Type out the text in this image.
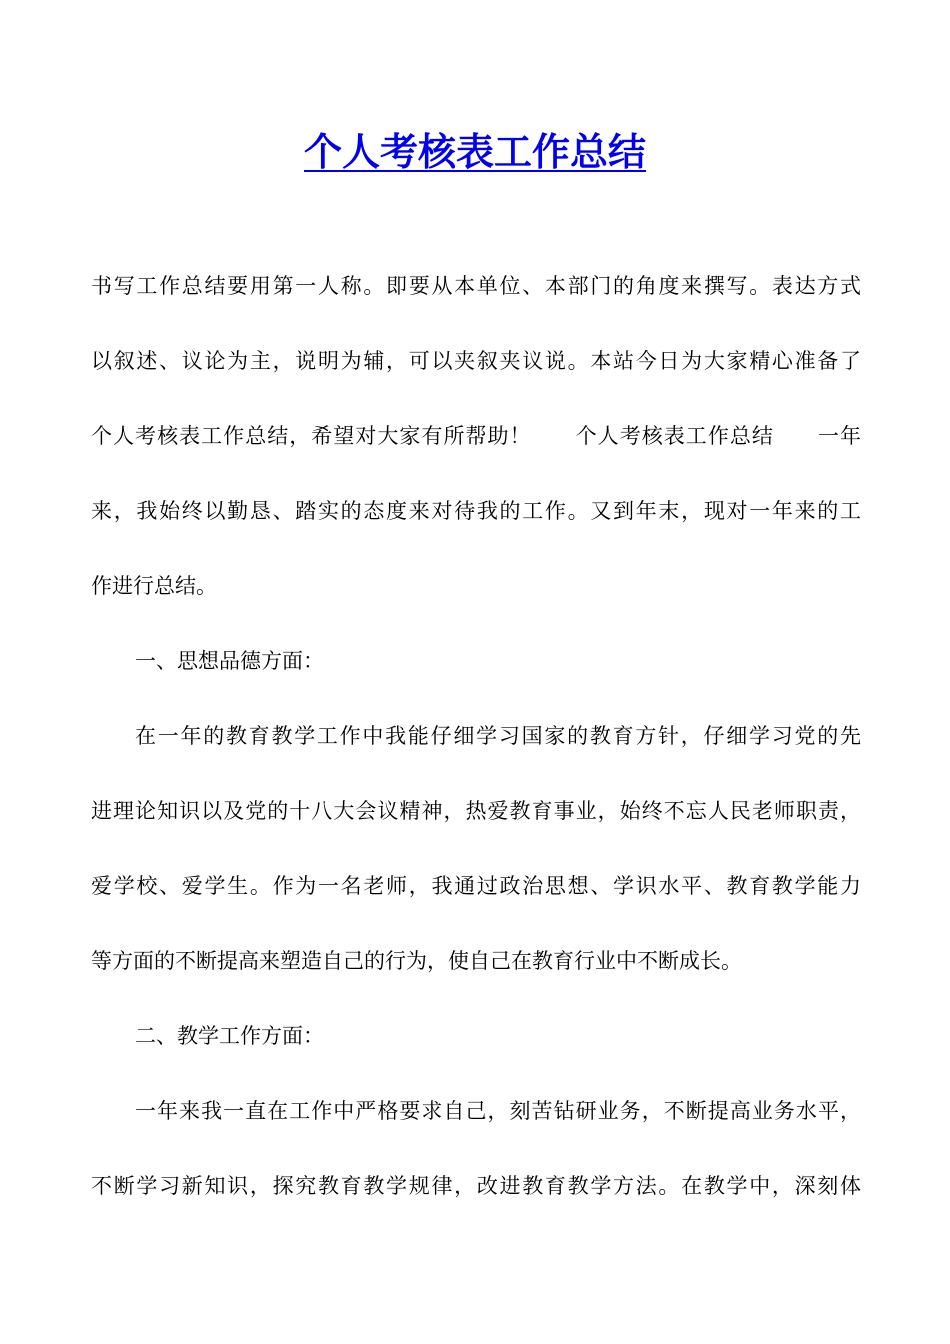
个人考核表工作总结
书写工作总结要用第一人称。即要从本单位、本部门的角度来撰写。表达方式
以叙述、议论为主，说明为辅，可以夹叙夹议说。本站今日为大家精心准备了
个人考核表工作总结，希望对大家有所帮助！　　个人考核表工作总结　　一年
来，我始终以勤恳、踏实的态度来对待我的工作。又到年末，现对一年来的工
作进行总结。
一、思想品德方面：
在一年的教育教学工作中我能仔细学习国家的教育方针，仔细学习党的先
进理论知识以及党的十八大会议精神，热爱教育事业，始终不忘人民老师职责，
爱学校、爱学生。作为一名老师，我通过政治思想、学识水平、教育教学能力
等方面的不断提高来塑造自己的行为，使自己在教育行业中不断成长。
二、教学工作方面：
一年来我一直在工作中严格要求自己，刻苦钻研业务，不断提高业务水平，
不断学习新知识，探究教育教学规律，改进教育教学方法。在教学中，深刻体
